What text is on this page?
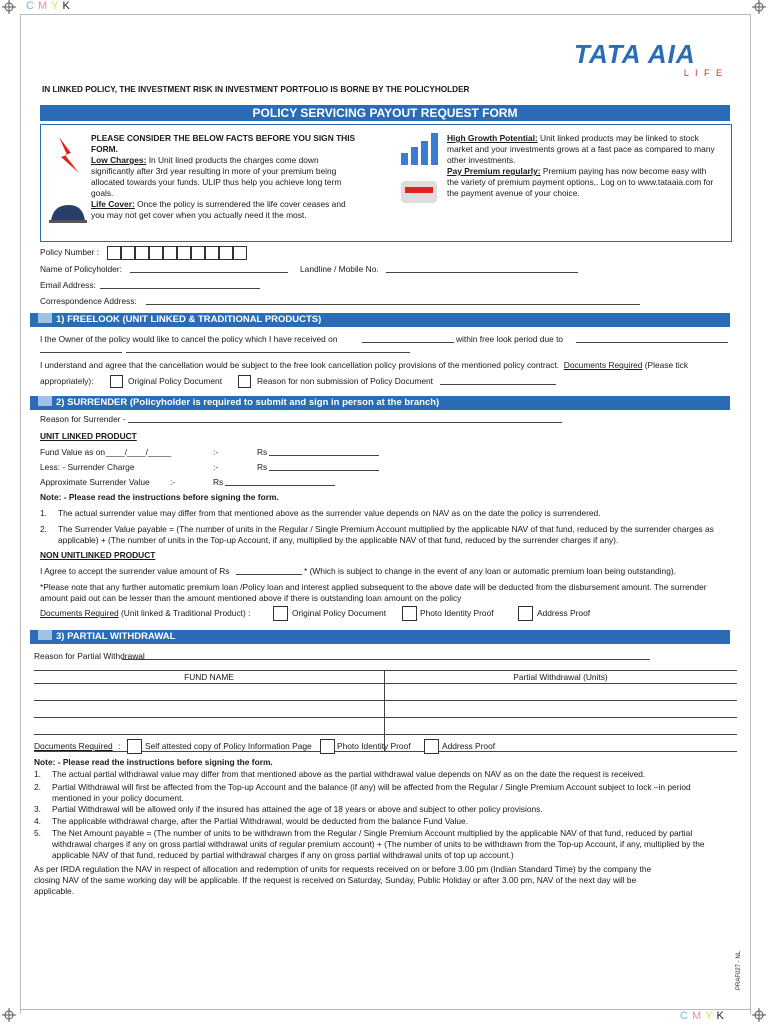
CMYK
TATA AIA
L I F E
IN LINKED POLICY, THE INVESTMENT RISK IN INVESTMENT PORTFOLIO IS BORNE BY THE POLICYHOLDER
POLICY SERVICING PAYOUT REQUEST FORM
PLEASE CONSIDER THE BELOW FACTS BEFORE YOU SIGN THIS FORM.
Low Charges: In Unit lined products the charges come down significantly after 3rd year resulting in more of your premium being allocated towards your funds. ULIP thus help you achieve long term goals.
Life Cover: Once the policy is surrendered the life cover ceases and you may not get cover when you actually need it the most.
High Growth Potential: Unit linked products may be linked to stock market and your investments grows at a fast pace as compared to many other investments.
Pay Premium regularly: Premium paying has now become easy with the variety of premium payment options,. Log on to www.tataaia.com for the payment avenue of your choice.
Policy Number :
Name of Policyholder:	Landline / Mobile No.
Email Address:
Correspondence Address:
1) FREELOOK (UNIT LINKED & TRADITIONAL PRODUCTS)
I the Owner of the policy would like to cancel the policy which I have received on	within free look period due to
I understand and agree that the cancellation would be subject to the free look cancellation policy provisions of the mentioned policy contract. Documents Required (Please tick
appropriately):	Original Policy Document	Reason for non submission of Policy Document
2) SURRENDER (Policyholder is required to submit and sign in person at the branch)
Reason for Surrender -
UNIT LINKED PRODUCT
Fund Value as on ____/____/_____	:-	Rs
Less: - Surrender Charge	:-	Rs
Approximate Surrender Value :-	Rs
Note: - Please read the instructions before signing the form.
1. The actual surrender value may differ from that mentioned above as the surrender value depends on NAV as on the date the policy is surrendered.
2. The Surrender Value payable = (The number of units in the Regular / Single Premium Account multiplied by the applicable NAV of that fund, reduced by the surrender charges as applicable) + (The number of units in the Top-up Account, if any, multiplied by the applicable NAV of that fund, reduced by the surrender charges if any).
NON UNITLINKED PRODUCT
I Agree to accept the surrender value amount of Rs	* (Which is subject to change in the event of any loan or automatic premium loan being outstanding).
*Please note that any further automatic premium loan /Policy loan and interest applied subsequent to the above date will be deducted from the disbursement amount. The surrender amount paid out can be lesser than the amount mentioned above if there is outstanding loan amount on the policy
Documents Required (Unit linked & Traditional Product) :	Original Policy Document	Photo Identity Proof	Address Proof
3) PARTIAL WITHDRAWAL
Reason for Partial Withdrawal
FUND NAME	Partial Withdrawal (Units)
Documents Required :	Self attested copy of Policy Information Page	Photo Identity Proof	Address Proof
Note: - Please read the instructions before signing the form.
1. The actual partial withdrawal value may differ from that mentioned above as the partial withdrawal value depends on NAV as on the date the request is received.
2. Partial Withdrawal will first be affected from the Top-up Account and the balance (if any) will be affected from the Regular / Single Premium Account subject to lock –in period mentioned in your policy document.
3. Partial Withdrawal will be allowed only if the insured has attained the age of 18 years or above and subject to other policy provisions.
4. The applicable withdrawal charge, after the Partial Withdrawal, would be deducted from the balance Fund Value.
5. The Net Amount payable = (The number of units to be withdrawn from the Regular / Single Premium Account multiplied by the applicable NAV of that fund, reduced by partial withdrawal charges if any on gross partial withdrawal units of regular premium account) + (The number of units to be withdrawn from the Top-up Account, if any, multiplied by the applicable NAV of that fund, reduced by partial withdrawal charges if any on gross partial withdrawal units of top up account.)
As per IRDA regulation the NAV in respect of allocation and redemption of units for requests received on or before 3.00 pm (Indian Standard Time) by the company the closing NAV of the same working day will be applicable. If the request is received on Saturday, Sunday, Public Holiday or after 3.00 pm, NAV of the next day will be applicable.
PRAF027 - NL
CMYK
